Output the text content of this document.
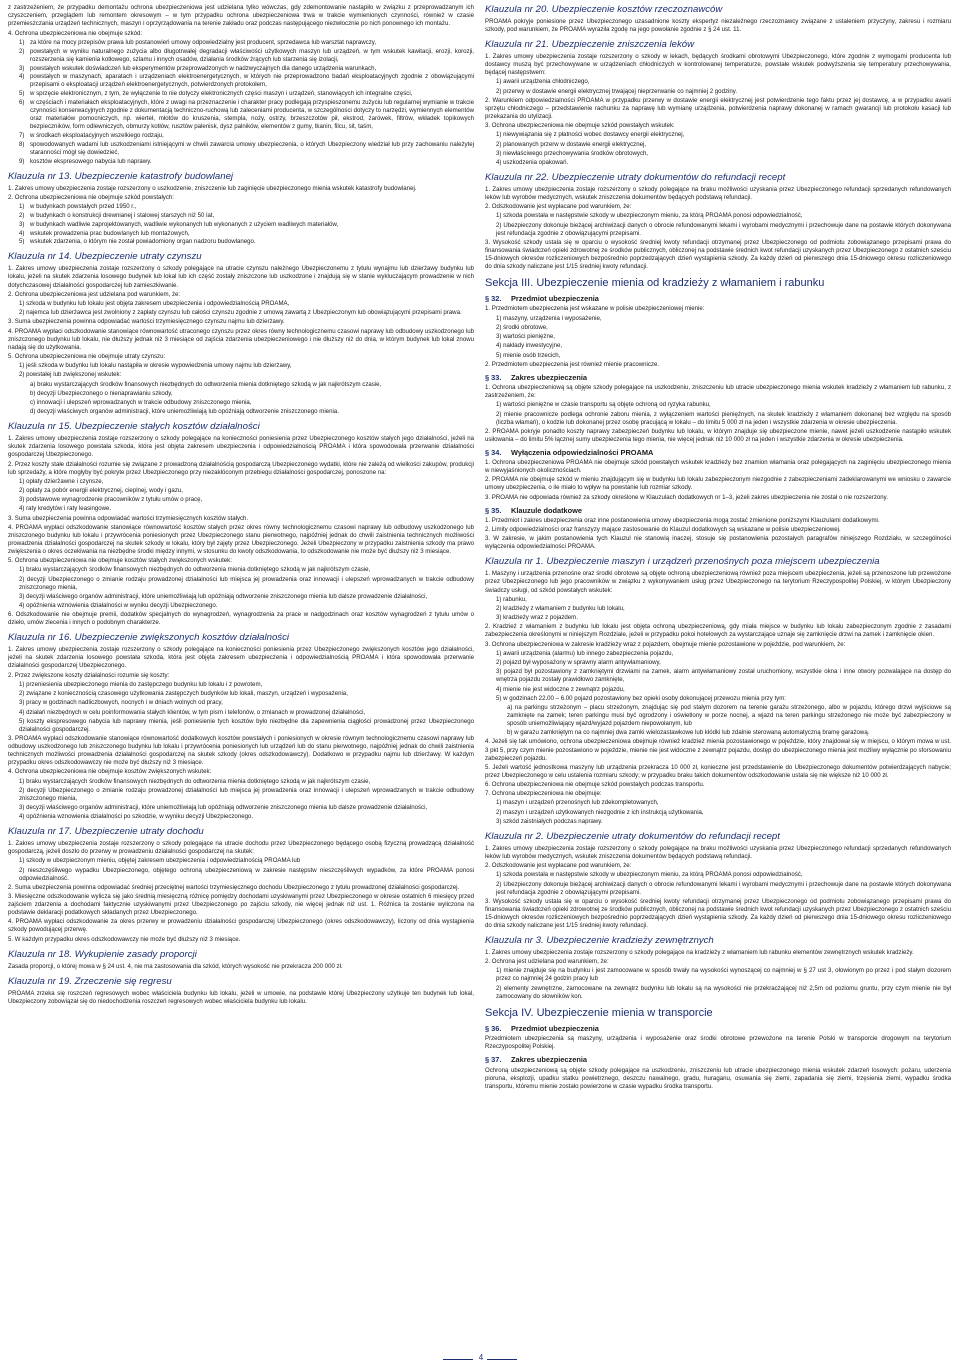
z zastrzeżeniem, że przypadku demontażu ochrona ubezpieczeniowa jest udzielana tylko wówczas, gdy zdemontowanie nastąpiło w związku z przeprowadzanym ich czyszczeniem, przeglądem lub remontem okresowym – w tym przypadku ochrona ubezpieczeniowa trwa w trakcie wymienionych czynności, również w czasie przemieszczania urządzeń technicznych, maszyn i oprzyrządowania na terenie zakładu oraz podczas następującego niezwłocznie po nich ponownego ich montażu.

4. Ochrona ubezpieczeniowa nie obejmuje szkód:

1) za które na mocy przepisów prawa lub postanowień umowy odpowiedzialny jest producent, sprzedawca lub warsztat naprawczy,
2) powstałych w wyniku naturalnego zużycia albo długotrwałej degradacji właściwości użytkowych maszyn lub urządzeń, w tym wskutek kawitacji, erozji, korozji, rozszerzenia się kamienia kotłowego, szlamu i innych osadów, działania środków żrących lub starzenia się izolacji,
3) powstałych wskutek doświadczeń lub eksperymentów przeprowadzonych w nadzwyczajnych dla danego urządzenia warunkach,
4) powstałych w maszynach, aparatach i urządzeniach elektroenergetycznych, w których nie przeprowadzono badań eksploatacyjnych zgodnie z obowiązującymi przepisami o eksploatacji urządzeń elektroenergetycznych, potwierdzonych protokołem,
5) w sprzęcie elektronicznym, z tym, że wyłączenie to nie dotyczy elektronicznych części maszyn i urządzeń, stanowiących ich integralne części,
6) w częściach i materiałach eksploatacyjnych, które z uwagi na przeznaczenie i charakter pracy podlegają przyspieszonemu zużyciu lub regularnej wymianie w trakcie czynności konserwacyjnych zgodnie z dokumentacją techniczno-ruchową lub zaleceniami producenta, w szczególności dotyczy to narzędzi, wymiennych elementów oraz materiałów pomocniczych, np. wierteł, młotów do kruszenia, stempla, noży, ostrzy, brzeszczotów pił, ekstrod, żarówek, filtrów, wkładek topikowych bezpieczników, form odlewniczych, obmurzy kotłów, rusztów palenisk, dysz palników, elementów z gumy, tkanin, filcu, sit, taśm,
7) w środkach eksploatacyjnych wszelkiego rodzaju,
8) spowodowanych wadami lub uszkodzeniami istniejącymi w chwili zawarcia umowy ubezpieczenia, o których Ubezpieczony wiedział lub przy zachowaniu należytej staranności mógł się dowiedzieć,
9) kosztów ekspresowego nabycia lub naprawy.
Klauzula nr 13. Ubezpieczenie katastrofy budowlanej

1. Zakres umowy ubezpieczenia zostaje rozszerzony o uszkodzenie, zniszczenie lub zaginięcie ubezpieczonego mienia wskutek katastrofy budowlanej.

2. Ochrona ubezpieczeniowa nie obejmuje szkód powstałych:

1) w budynkach powstałych przed 1950 r.,
2) w budynkach o konstrukcji drewnianej i stalowej starszych niż 50 lat,
3) w budynkach wadliwie zaprojektowanych, wadliwie wykonanych lub wykonanych z użyciem wadliwych materiałów,
4) wskutek prowadzenia prac budowlanych lub montażowych,
5) wskutek zdarzenia, o którym nie został powiadomiony organ nadzoru budowlanego.
Klauzula nr 14. Ubezpieczenie utraty czynszu

1. Zakres umowy ubezpieczenia zostaje rozszerzony o szkody polegające na utracie czynszu należnego Ubezpieczonemu z tytułu wynajmu lub dzierżawy budynku lub lokalu, jeżeli na skutek zdarzenia losowego budynek lub lokal lub ich część zostały zniszczone lub uszkodzone i znajdują się w stanie wykluczającym prowadzenie w nich dotychczasowej działalności gospodarczej lub zamieszkiwanie.

2. Ochrona ubezpieczeniowa jest udzielana pod warunkiem, że:

1) szkoda w budynku lub lokalu jest objęta zakresem ubezpieczenia i odpowiedzialnością PROAMA,

2) najemca lub dzierżawca jest zwolniony z zapłaty czynszu lub całości czynszu zgodnie z umową zawartą z Ubezpieczonym lub obowiązującymi przepisami prawa.

3. Suma ubezpieczenia powinna odpowiadać wartości trzymiesięcznego czynszu najmu lub dzierżawy.

4. PROAMA wypłaci odszkodowanie stanowiące równowartość utraconego czynszu przez okres równy technologicznemu czasowi naprawy lub odbudowy uszkodzonego lub zniszczonego budynku lub lokalu, nie dłuższy jednak niż 3 miesiące od zajścia zdarzenia ubezpieczeniowego i nie dłuższy niż do dnia, w którym budynek lub lokal znowu nadają się do użytkowania.

5. Ochrona ubezpieczeniowa nie obejmuje utraty czynszu:

1) jeśli szkoda w budynku lub lokalu nastąpiła w okresie wypowiedzenia umowy najmu lub dzierżawy,

2) powstałej lub zwiększonej wskutek:

a) braku wystarczających środków finansowych niezbędnych do odtworzenia mienia dotkniętego szkodą w jak najkrótszym czasie,

b) decyzji Ubezpieczonego o nienaprawianiu szkody,

c) innowacji i ulepszeń wprowadzanych w trakcie odbudowy zniszczonego mienia,

d) decyzji właściwych organów administracji, które uniemożliwiają lub opóźniają odtworzenie zniszczonego mienia.

Klauzula nr 15. Ubezpieczenie stałych kosztów działalności

1. Zakres umowy ubezpieczenia zostaje rozszerzony o szkody polegające na konieczności poniesienia przez Ubezpieczonego kosztów stałych jego działalności, jeżeli na skutek zdarzenia losowego powstała szkoda, która jest objęta zakresem ubezpieczenia i odpowiedzialnością PROAMA i która spowodowała przerwanie działalności gospodarczej Ubezpieczonego.

2. Przez koszty stałe działalności rozumie się związane z prowadzoną działalnością gospodarczą Ubezpieczonego wydatki, które nie zależą od wielkości zakupów, produkcji lub sprzedaży, a które mogłyby być pokryte przez Ubezpieczonego przy niezakłóconym przebiegu działalności gospodarczej, ponoszone na:

1) opłaty dzierżawne i czynsze,

2) opłaty za pobór energii elektrycznej, cieplnej, wody i gazu,

3) podstawowe wynagrodzenie pracowników z tytułu umów o pracę,

4) raty kredytów i raty leasingowe.

3. Suma ubezpieczenia powinna odpowiadać wartości trzymiesięcznych kosztów stałych.

4. PROAMA wypłaci odszkodowanie stanowiące równowartość kosztów stałych przez okres równy technologicznemu czasowi naprawy lub odbudowy uszkodzonego lub zniszczonego budynku lub lokalu i przywrócenia poniesionych przez Ubezpieczonego stanu pierwotnego, najpóźniej jednak do chwili zaistnienia technicznych możliwości prowadzenia działalności gospodarczej na skutek szkody w lokalu, który był zajęty przez Ubezpieczonego. Jeżeli Ubezpieczony w przypadku zaistnienia szkody ma prawo zwiększenia o okres oczekiwania na niezbędne środki między innymi, w stosunku do kwoty odszkodowania, to odszkodowanie nie może być dłuższy niż 3 miesiące.

5. Ochrona ubezpieczeniowa nie obejmuje kosztów stałych zwiększonych wskutek:

1) braku wystarczających środków finansowych niezbędnych do odtworzenia mienia dotkniętego szkodą w jak najkrótszym czasie,

2) decyzji Ubezpieczonego o zmianie rodzaju prowadzonej działalności lub miejsca jej prowadzenia oraz innowacji i ulepszeń wprowadzanych w trakcie odbudowy zniszczonego mienia,

3) decyzji właściwego organów administracji, które uniemożliwiają lub opóźniają odtworzenie zniszczonego mienia lub dalsze prowadzenie działalności,

4) opóźnienia wznowienia działalności w wyniku decyzji Ubezpieczonego.

6. Odszkodowanie nie obejmuje premii, dodatków specjalnych do wynagrodzeń, wynagrodzenia za prace w nadgodzinach oraz kosztów wynagrodzeń z tytułu umów o dzieło, umów zlecenia i innych o podobnym charakterze.

Klauzula nr 16. Ubezpieczenie zwiększonych kosztów działalności

1. Zakres umowy ubezpieczenia zostaje rozszerzony o szkody polegające na konieczności poniesienia przez Ubezpieczonego zwiększonych kosztów jego działalności, jeżeli na skutek zdarzenia losowego powstała szkoda, która jest objęta zakresem ubezpieczenia i odpowiedzialnością PROAMA i która spowodowała przerwanie działalności gospodarczej Ubezpieczonego.

2. Przez zwiększone koszty działalności rozumie się koszty:

1) przeniesienia ubezpieczonego mienia do zastępczego budynku lub lokalu i z powrotem,

2) związane z koniecznością czasowego użytkowania zastępczych budynków lub lokali, maszyn, urządzeń i wyposażenia,

3) pracy w godzinach nadliczbowych, nocnych i w dniach wolnych od pracy,

4) działań niezbędnych w celu poinformowania stałych klientów, w tym pism i telefonów, o zmianach w prowadzonej działalności,

5) koszty ekspresowego nabycia lub naprawy mienia, jeśli poniesienie tych kosztów było niezbędne dla zapewnienia ciągłości prowadzonej przez Ubezpieczonego działalności gospodarczej.

3. PROAMA wypłaci odszkodowanie stanowiące równowartość dodatkowych kosztów powstałych i poniesionych w okresie równym technologicznemu czasowi naprawy lub odbudowy uszkodzonego lub zniszczonego budynku lub lokalu i przywrócenia poniesionych lub urządzeń lub do stanu pierwotnego, najpóźniej jednak do chwili zaistnienia technicznych możliwości prowadzenia działalności gospodarczej na skutek szkody (okres odszkodowawczy). Dodatkowo w przypadku najmu lub dzierżawy. W każdym przypadku okres odszkodowawczy nie może być dłuższy niż 3 miesiące.

4. Ochrona ubezpieczeniowa nie obejmuje kosztów zwiększonych wskutek:

1) braku wystarczających środków finansowych niezbędnych do odtworzenia mienia dotkniętego szkodą w jak najkrótszym czasie,

2) decyzji Ubezpieczonego o zmianie rodzaju prowadzonej działalności lub miejsca jej prowadzenia oraz innowacji i ulepszeń wprowadzanych w trakcie odbudowy zniszczonego mienia,

3) decyzji właściwego organów administracji, które uniemożliwiają lub opóźniają odtworzenie zniszczonego mienia lub dalsze prowadzenie działalności,

4) opóźnienia wznowienia działalności po szkodzie, w wyniku decyzji Ubezpieczonego.

Klauzula nr 17. Ubezpieczenie utraty dochodu

1. Zakres umowy ubezpieczenia zostaje rozszerzony o szkody polegające na utracie dochodu przez Ubezpieczonego będącego osobą fizyczną prowadzącą działalność gospodarczą, jeżeli doszło do przerwy w prowadzeniu działalności gospodarczej na skutek:

1) szkody w ubezpieczonym mieniu, objętej zakresem ubezpieczenia i odpowiedzialnością PROAMA lub

2) nieszczęśliwego wypadku Ubezpieczonego, objętego ochroną ubezpieczeniową w zakresie następstw nieszczęśliwych wypadków, za które PROAMA ponosi odpowiedzialność.

2. Suma ubezpieczenia powinna odpowiadać średniej przeciętnej wartości trzymiesięcznego dochodu Ubezpieczonego z tytułu prowadzonej działalności gospodarczej.

3. Miesięczne odszkodowanie wylicza się jako średnią miesięczną różnicę pomiędzy dochodami uzyskiwanymi przez Ubezpieczonego w okresie ostatnich 6 miesięcy przed zajściem zdarzenia a dochodami faktycznie uzyskiwanymi przez Ubezpieczonego po zajściu szkody, nie więcej jednak niż ust. 1. Różnica ta zostanie wyliczona na podstawie deklaracji podatkowych składanych przez Ubezpieczonego.

4. PROAMA wypłaci odszkodowanie za okres przerwy w prowadzeniu działalności gospodarczej Ubezpieczonego (okres odszkodowawczy), liczony od dnia wystąpienia szkody powodującej przerwę.

5. W każdym przypadku okres odszkodowawczy nie może być dłuższy niż 3 miesiące.

Klauzula nr 18. Wykupienie zasady proporcji

Zasada proporcji, o której mowa w § 24 ust. 4, nie ma zastosowania dla szkód, których wysokość nie przekracza 200 000 zł.

Klauzula nr 19. Zrzeczenie się regresu

PROAMA zrzeka się roszczeń regresowych wobec właściciela budynku lub lokalu, jeżeli w umowie, na podstawie której Ubezpieczony użytkuje ten budynek lub lokal, Ubezpieczony zobowiązał się do niedochodzenia roszczeń regresowych wobec właściciela budynku lub lokalu.

Klauzula nr 20. Ubezpieczenie kosztów rzeczoznawców

PROAMA pokryje poniesione przez Ubezpieczonego uzasadnione koszty ekspertyz niezależnego rzeczoznawcy związane z ustaleniem przyczyny, zakresu i rozmiaru szkody, pod warunkiem, że PROAMA wyraziła zgodę na jego powołanie zgodnie z § 24 ust. 11.

Klauzula nr 21. Ubezpieczenie zniszczenia leków

1. Zakres umowy ubezpieczenia zostaje rozszerzony o szkody w lekach, będących środkami obrotowymi Ubezpieczonego, które zgodnie z wymogami producenta lub dostawcy muszą być przechowywane w urządzeniach chłodniczych w kontrolowanej temperaturze, powstałe wskutek podwyższenia się temperatury przechowywania, będącej następstwem:

1) awarii urządzenia chłodniczego,

2) przerwy w dostawie energii elektrycznej trwającej nieprzerwanie co najmniej 2 godziny.

2. Warunkiem odpowiedzialności PROAMA w przypadku przerwy w dostawie energii elektrycznej jest potwierdzenie tego faktu przez jej dostawcę, a w przypadku awarii sprzętu chłodniczego – przedstawienie rachunku za naprawę lub wymianę urządzenia, potwierdzenia naprawy dokonanej w ramach gwarancji lub protokołu kasacji lub przekazania do utylizacji.

3. Ochrona ubezpieczeniowa nie obejmuje szkód powstałych wskutek:

1) niewywiązania się z płatności wobec dostawcy energii elektrycznej,

2) planowanych przerw w dostawie energii elektrycznej,

3) niewłaściwego przechowywania środków obrotowych,

4) uszkodzenia opakowań.

Klauzula nr 22. Ubezpieczenie utraty dokumentów do refundacji recept

1. Zakres umowy ubezpieczenia zostaje rozszerzony o szkody polegające na braku możliwości uzyskania przez Ubezpieczonego refundacji sprzedanych refundowanych leków lub wyrobów medycznych, wskutek zniszczenia dokumentów będących podstawą refundacji.

2. Odszkodowanie jest wypłacane pod warunkiem, że:

1) szkoda powstała w następstwie szkody w ubezpieczonym mieniu, za którą PROAMA ponosi odpowiedzialność,

2) Ubezpieczony dokonuje bieżącej archiwizacji danych o obrocie refundowanymi lekami i wyrobami medycznymi i przechowuje dane na postawie których dokonywana jest refundacja zgodnie z obowiązującymi przepisami.

3. Wysokość szkody ustala się w oparciu o wysokość średniej kwoty refundacji otrzymanej przez Ubezpieczonego od podmiotu zobowiązanego przepisami prawa do finansowania świadczeń opieki zdrowotnej ze środków publicznych, obliczonej na podstawie średnich kwot refundacji uzyskanych przez Ubezpieczonego z ostatnich sześciu 15-dniowych okresów rozliczeniowych bezpośrednio poprzedzających dzień wystąpienia szkody. Za każdy dzień od pierwszego dnia 15-dniowego okresu rozliczeniowego do dnia szkody naliczane jest 1/15 średniej kwoty refundacji.

Sekcja III. Ubezpieczenie mienia od kradzieży z włamaniem i rabunku
§ 32. Przedmiot ubezpieczenia

1. Przedmiotem ubezpieczenia jest wskazane w polisie ubezpieczeniowej mienie:

1) maszyny, urządzenia i wyposażenie,

2) środki obrotowe,

3) wartości pieniężne,

4) nakłady inwestycyjne,

5) mienie osób trzecich,

2. Przedmiotem ubezpieczenia jest również mienie pracownicze.

§ 33. Zakres ubezpieczenia

1. Ochrona ubezpieczeniową są objęte szkody polegające na uszkodzeniu, zniszczeniu lub utracie ubezpieczonego mienia wskutek kradzieży z włamaniem lub rabunku, z zastrzeżeniem, że:

1) wartości pieniężne w czasie transportu są objęte ochroną od ryzyka rabunku,

2) mienie pracownicze podlega ochronie zaboru mienia, z wyłączeniem wartości pieniężnych, na skutek kradzieży z włamaniem dokonanej bez względu na sposób (liczba włamań), o kodzie lub dokonanej przez osobę pracującą w lokalu – do limitu 5 000 zł na jeden i wszystkie zdarzenia w okresie ubezpieczenia.

2. PROAMA pokryje ponadto koszty naprawy zabezpieczeń budynku lub lokalu, w którym znajduje się ubezpieczone mienie, nawet jeżeli uszkodzenie nastąpiło wskutek usiłowania – do limitu 5% łącznej sumy ubezpieczenia tego mienia, nie więcej jednak niż 10 000 zł na jeden i wszystkie zdarzenia w okresie ubezpieczenia.

§ 34. Wyłączenia odpowiedzialności PROAMA

1. Ochrona ubezpieczeniowa PROAMA nie obejmuje szkód powstałych wskutek kradzieży bez znamion włamania oraz polegających na zaginięciu ubezpieczonego mienia w niewyjaśnionych okolicznościach.

2. PROAMA nie obejmuje szkód w mieniu znajdującym się w budynku lub lokalu zabezpieczonym niezgodnie z zabezpieczeniami zadeklarowanymi we wniosku o zawarcie umowy ubezpieczenia, o ile miało to wpływ na powstanie lub rozmiar szkody.

3. PROAMA nie odpowiada również za szkody określone w Klauzulach dodatkowych nr 1–3, jeżeli zakres ubezpieczenia nie został o nie rozszerzony.

§ 35. Klauzule dodatkowe

1. Przedmiot i zakres ubezpieczenia oraz inne postanowienia umowy ubezpieczenia mogą zostać zmienione poniższymi Klauzulami dodatkowymi.

2. Limity odpowiedzialności oraz franszyzy mające zastosowanie do Klauzul dodatkowych są wskazane w polisie ubezpieczeniowej.

3. W zakresie, w jakim postanowienia tych Klauzul nie stanowią inaczej, stosuje się postanowienia pozostałych paragrafów niniejszego Rozdziału, w szczególności wyłączenia odpowiedzialności PROAMA.

Klauzula nr 1. Ubezpieczenie maszyn i urządzeń przenośnych poza miejscem ubezpieczenia

1. Maszyny i urządzenia przenośne oraz środki obrotowe są objęte ochroną ubezpieczeniową również poza miejscem ubezpieczenia, jeżeli są przenoszone lub przewożone przez Ubezpieczonego lub jego pracowników w związku z wykonywaniem usług przez Ubezpieczonego na terytorium Rzeczypospolitej Polskiej, w którym Ubezpieczony świadczy usługi, od szkód powstałych wskutek:

1) rabunku,

2) kradzieży z włamaniem z budynku lub lokalu,

3) kradzieży wraz z pojazdem.

2. Kradzież z włamaniem z budynku lub lokalu jest objęta ochroną ubezpieczeniową, gdy miała miejsce w budynku lub lokalu zabezpieczonym zgodnie z zasadami zabezpieczenia określonymi w niniejszym Rozdziale, jeżeli w przypadku pokoi hotelowych za wystarczające uznaje się zamknięcie drzwi na zamek i zamknięcie okien.

3. Ochrona ubezpieczeniowa w zakresie kradzieży wraz z pojazdem, obejmuje mienie pozostawione w pojeździe, pod warunkiem, że:

1) awarii urządzenia (alarmu) lub innego zabezpieczenia pojazdu,

2) pojazd był wyposażony w sprawny alarm antywłamaniowy,

3) pojazd był pozostawiony z zamkniętymi drzwiami na zamek, alarm antywłamaniowy został uruchomiony, wszystkie okna i inne otwory pozwalające na dostęp do wnętrza pojazdu zostały prawidłowo zamknięte,

4) mienie nie jest widoczne z zewnątrz pojazdu,

5) w godzinach 22.00 – 6.00 pojazd pozostawiony bez opieki osoby dokonującej przewozu mienia przy tym:

a) na parkingu strzeżonym – placu strzeżonym, znajdując się pod stałym dozorem na terenie garażu strzeżonego, albo w pojazdu, którego drzwi wyjściowe są zamknięte na zamek; teren parkingu musi być ogrodzony i oświetlony w porze nocnej, a wjazd na teren parkingu strzeżonego nie może być zabezpieczony w sposób uniemożliwiający wjazd/wyjazd pojazdem niepowołanym, lub

b) w garażu zamkniętym na co najmniej dwa zamki wielozastawkowe lub kłódki lub zdalnie sterowaną automatyczną bramę garażową.

4. Jeżeli się tak umówiono, ochrona ubezpieczeniowa obejmuje również kradzież mienia pozostawionego w pojeździe, który znajdował się w miejscu, o którym mowa w ust. 3 pkt 5, przy czym mienie pozostawiono w pojeździe, mienie nie jest widoczne z zewnątrz pojazdu, dostęp do ubezpieczonego mienia jest możliwy wyłącznie po sforsowaniu zabezpieczeń pojazdu.

5. Jeżeli wartość jednostkowa maszyny lub urządzenia przekracza 10 000 zł, konieczne jest przedstawienie do Ubezpieczonego dokumentów potwierdzających nabycie; przez Ubezpieczonego w celu ustalenia rozmiaru szkody; w przypadku braku takich dokumentów odszkodowanie ustala się nie większe niż 10 000 zł.

6. Ochrona ubezpieczeniowa nie obejmuje szkód powstałych podczas transportu.

7. Ochrona ubezpieczeniowa nie obejmuje:

1) maszyn i urządzeń przenośnych lub zdekompletowanych,

2) maszyn i urządzeń użytkowanych niezgodnie z ich instrukcją użytkowania,

3) szkód zaistniałych podczas naprawy.

Klauzula nr 2. Ubezpieczenie utraty dokumentów do refundacji recept

1. Zakres umowy ubezpieczenia zostaje rozszerzony o szkody polegające na braku możliwości uzyskania przez Ubezpieczonego refundacji sprzedanych refundowanych leków lub wyrobów medycznych, wskutek zniszczenia dokumentów będących podstawą refundacji.

2. Odszkodowanie jest wypłacane pod warunkiem, że:

1) szkoda powstała w następstwie szkody w ubezpieczonym mieniu, za którą PROAMA ponosi odpowiedzialność,

2) Ubezpieczony dokonuje bieżącej archiwizacji danych o obrocie refundowanymi lekami i wyrobami medycznymi i przechowuje dane na postawie których dokonywana jest refundacja zgodnie z obowiązującymi przepisami.

3. Wysokość szkody ustala się w oparciu o wysokość średniej kwoty refundacji otrzymanej przez Ubezpieczonego od podmiotu zobowiązanego przepisami prawa do finansowania świadczeń opieki zdrowotnej ze środków publicznych, obliczonej na podstawie średnich kwot refundacji uzyskanych przez Ubezpieczonego z ostatnich sześciu 15-dniowych okresów rozliczeniowych bezpośrednio poprzedzających dzień wystąpienia szkody. Za każdy dzień od pierwszego dnia 15-dniowego okresu rozliczeniowego do dnia szkody naliczane jest 1/15 średniej kwoty refundacji.

Klauzula nr 3. Ubezpieczenie kradzieży zewnętrznych

1. Zakres umowy ubezpieczenia zostaje rozszerzony o szkody polegające na kradzieży z włamaniem lub rabunku elementów zewnętrznych wskutek kradzieży.

2. Ochrona jest udzielana pod warunkiem, że:

1) mienie znajduje się na budynku i jest zamocowane w sposób trwały na wysokości wynoszącej co najmniej w § 27 ust 3, ołowionym po przez i pod stałym dozorem przez co najmniej 24 godzin pracy lub

2) elementy zewnętrzne, zamocowane na zewnątrz budynku lub lokalu są na wysokości nie przekraczającej niż 2,5m od poziomu gruntu, przy czym mienie nie był zamocowany do słowników kon.

Sekcja IV. Ubezpieczenie mienia w transporcie
§ 36. Przedmiot ubezpieczenia

Przedmiotem ubezpieczenia są maszyny, urządzenia i wyposażenie oraz środki obrotowe przewożone na terenie Polski w transporcie drogowym na terytorium Rzeczypospolitej Polskiej.

§ 37. Zakres ubezpieczenia

Ochroną ubezpieczeniową są objęte szkody polegające na uszkodzeniu, zniszczeniu lub utracie ubezpieczonego mienia wskutek zdarzeń losowych: pożaru, uderzenia pioruna, eksplozji, upadku statku powietrznego, deszczu nawalnego, gradu, huraganu, osuwania się ziemi, zapadania się ziemi, trzęsienia ziemi, wypadku środka transportu, któremu mienie zostało powierzone w czasie wypadku środka transportu.

4
